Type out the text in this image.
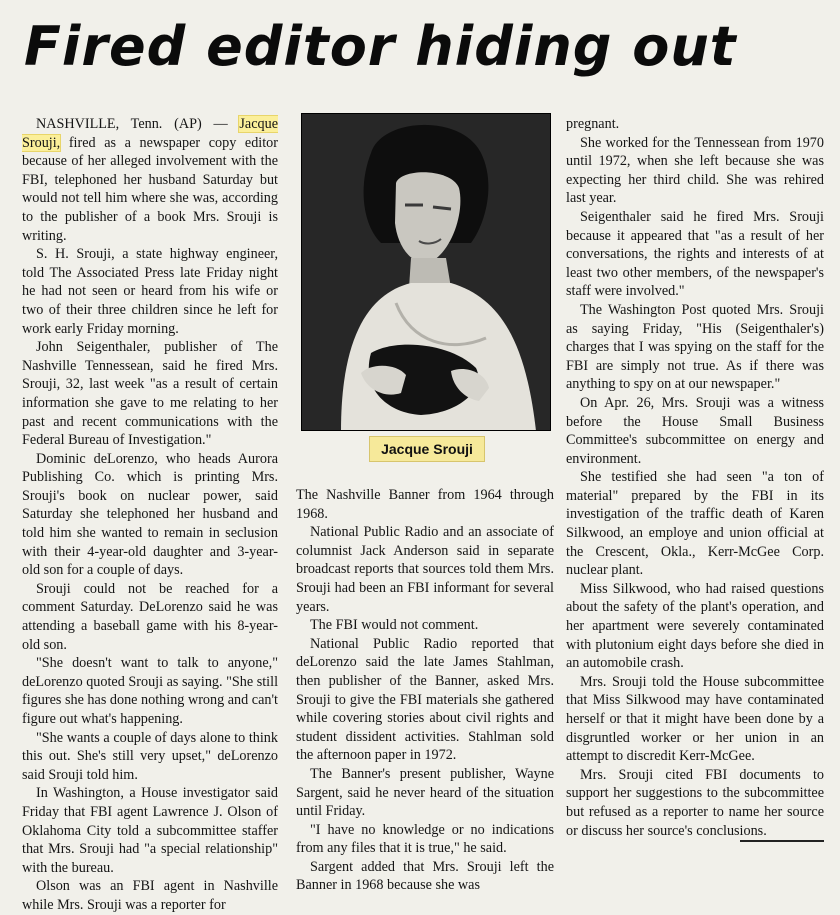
Fired editor hiding out

NASHVILLE, Tenn. (AP) — Jacque Srouji, fired as a newspaper copy editor because of her alleged involvement with the FBI, telephoned her husband Saturday but would not tell him where she was, according to the publisher of a book Mrs. Srouji is writing.

S. H. Srouji, a state highway engineer, told The Associated Press late Friday night he had not seen or heard from his wife or two of their three children since he left for work early Friday morning.

John Seigenthaler, publisher of The Nashville Tennessean, said he fired Mrs. Srouji, 32, last week "as a result of certain information she gave to me relating to her past and recent communications with the Federal Bureau of Investigation."

Dominic deLorenzo, who heads Aurora Publishing Co. which is printing Mrs. Srouji's book on nuclear power, said Saturday she telephoned her husband and told him she wanted to remain in seclusion with their 4-year-old daughter and 3-year-old son for a couple of days.

Srouji could not be reached for a comment Saturday. DeLorenzo said he was attending a baseball game with his 8-year-old son.

"She doesn't want to talk to anyone," deLorenzo quoted Srouji as saying. "She still figures she has done nothing wrong and can't figure out what's happening.

"She wants a couple of days alone to think this out. She's still very upset," deLorenzo said Srouji told him.

In Washington, a House investigator said Friday that FBI agent Lawrence J. Olson of Oklahoma City told a subcommittee staffer that Mrs. Srouji had "a special relationship" with the bureau.

Olson was an FBI agent in Nashville while Mrs. Srouji was a reporter for

Jacque Srouji

The Nashville Banner from 1964 through 1968.

National Public Radio and an associate of columnist Jack Anderson said in separate broadcast reports that sources told them Mrs. Srouji had been an FBI informant for several years.

The FBI would not comment.

National Public Radio reported that deLorenzo said the late James Stahlman, then publisher of the Banner, asked Mrs. Srouji to give the FBI materials she gathered while covering stories about civil rights and student dissident activities. Stahlman sold the afternoon paper in 1972.

The Banner's present publisher, Wayne Sargent, said he never heard of the situation until Friday.

"I have no knowledge or no indications from any files that it is true," he said.

Sargent added that Mrs. Srouji left the Banner in 1968 because she was

pregnant.

She worked for the Tennessean from 1970 until 1972, when she left because she was expecting her third child. She was rehired last year.

Seigenthaler said he fired Mrs. Srouji because it appeared that "as a result of her conversations, the rights and interests of at least two other members, of the newspaper's staff were involved."

The Washington Post quoted Mrs. Srouji as saying Friday, "His (Seigenthaler's) charges that I was spying on the staff for the FBI are simply not true. As if there was anything to spy on at our newspaper."

On Apr. 26, Mrs. Srouji was a witness before the House Small Business Committee's subcommittee on energy and environment.

She testified she had seen "a ton of material" prepared by the FBI in its investigation of the traffic death of Karen Silkwood, an employe and union official at the Crescent, Okla., Kerr-McGee Corp. nuclear plant.

Miss Silkwood, who had raised questions about the safety of the plant's operation, and her apartment were severely contaminated with plutonium eight days before she died in an automobile crash.

Mrs. Srouji told the House subcommittee that Miss Silkwood may have contaminated herself or that it might have been done by a disgruntled worker or her union in an attempt to discredit Kerr-McGee.

Mrs. Srouji cited FBI documents to support her suggestions to the subcommittee but refused as a reporter to name her source or discuss her source's conclusions.
